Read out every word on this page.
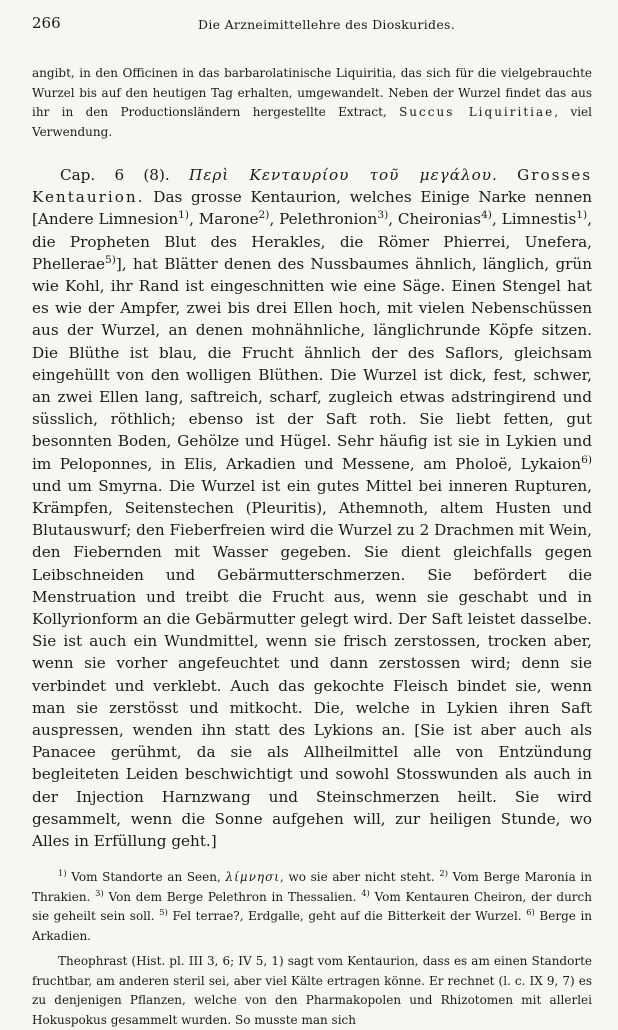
266	Die Arzneimittellehre des Dioskurides.

angibt, in den Officinen in das barbarolatinische Liquiritia, das sich für die vielgebrauchte Wurzel bis auf den heutigen Tag erhalten, umgewandelt. Neben der Wurzel findet das aus ihr in den Productionsländern hergestellte Extract, Succus Liquiritiae, viel Verwendung.

Cap. 6 (8). Περὶ Κενταυρίου τοῦ μεγάλου. Grosses Kentaurion. Das grosse Kentaurion, welches Einige Narke nennen [Andere Limnesion$^{1)}$, Marone$^{2)}$, Pelethronion$^{3)}$, Cheironias$^{4)}$, Limnestis$^{1)}$, die Propheten Blut des Herakles, die Römer Phierrei, Unefera, Phellerae$^{5)}$], hat Blätter denen des Nussbaumes ähnlich, länglich, grün wie Kohl, ihr Rand ist eingeschnitten wie eine Säge. Einen Stengel hat es wie der Ampfer, zwei bis drei Ellen hoch, mit vielen Nebenschüssen aus der Wurzel, an denen mohnähnliche, länglichrunde Köpfe sitzen. Die Blüthe ist blau, die Frucht ähnlich der des Saflors, gleichsam eingehüllt von den wolligen Blüthen. Die Wurzel ist dick, fest, schwer, an zwei Ellen lang, saftreich, scharf, zugleich etwas adstringirend und süsslich, röthlich; ebenso ist der Saft roth. Sie liebt fetten, gut besonnten Boden, Gehölze und Hügel. Sehr häufig ist sie in Lykien und im Peloponnes, in Elis, Arkadien und Messene, am Pholoë, Lykaion$^{6)}$ und um Smyrna. Die Wurzel ist ein gutes Mittel bei inneren Rupturen, Krämpfen, Seitenstechen (Pleuritis), Athemnoth, altem Husten und Blutauswurf; den Fieberfreien wird die Wurzel zu 2 Drachmen mit Wein, den Fiebernden mit Wasser gegeben. Sie dient gleichfalls gegen Leibschneiden und Gebärmutterschmerzen. Sie befördert die Menstruation und treibt die Frucht aus, wenn sie geschabt und in Kollyrionform an die Gebärmutter gelegt wird. Der Saft leistet dasselbe. Sie ist auch ein Wundmittel, wenn sie frisch zerstossen, trocken aber, wenn sie vorher angefeuchtet und dann zerstossen wird; denn sie verbindet und verklebt. Auch das gekochte Fleisch bindet sie, wenn man sie zerstösst und mitkocht. Die, welche in Lykien ihren Saft auspressen, wenden ihn statt des Lykions an. [Sie ist aber auch als Panacee gerühmt, da sie als Allheilmittel alle von Entzündung begleiteten Leiden beschwichtigt und sowohl Stosswunden als auch in der Injection Harnzwang und Steinschmerzen heilt. Sie wird gesammelt, wenn die Sonne aufgehen will, zur heiligen Stunde, wo Alles in Erfüllung geht.]

$^{1)}$ Vom Standorte an Seen, λίμνησι, wo sie aber nicht steht. $^{2)}$ Vom Berge Maronia in Thrakien. $^{3)}$ Von dem Berge Pelethron in Thessalien. $^{4)}$ Vom Kentauren Cheiron, der durch sie geheilt sein soll. $^{5)}$ Fel terrae?, Erdgalle, geht auf die Bitterkeit der Wurzel. $^{6)}$ Berge in Arkadien.

Theophrast (Hist. pl. III 3, 6; IV 5, 1) sagt vom Kentaurion, dass es am einen Standorte fruchtbar, am anderen steril sei, aber viel Kälte ertragen könne. Er rechnet (l. c. IX 9, 7) es zu denjenigen Pflanzen, welche von den Pharmakopolen und Rhizotomen mit allerlei Hokuspokus gesammelt wurden. So musste man sich
